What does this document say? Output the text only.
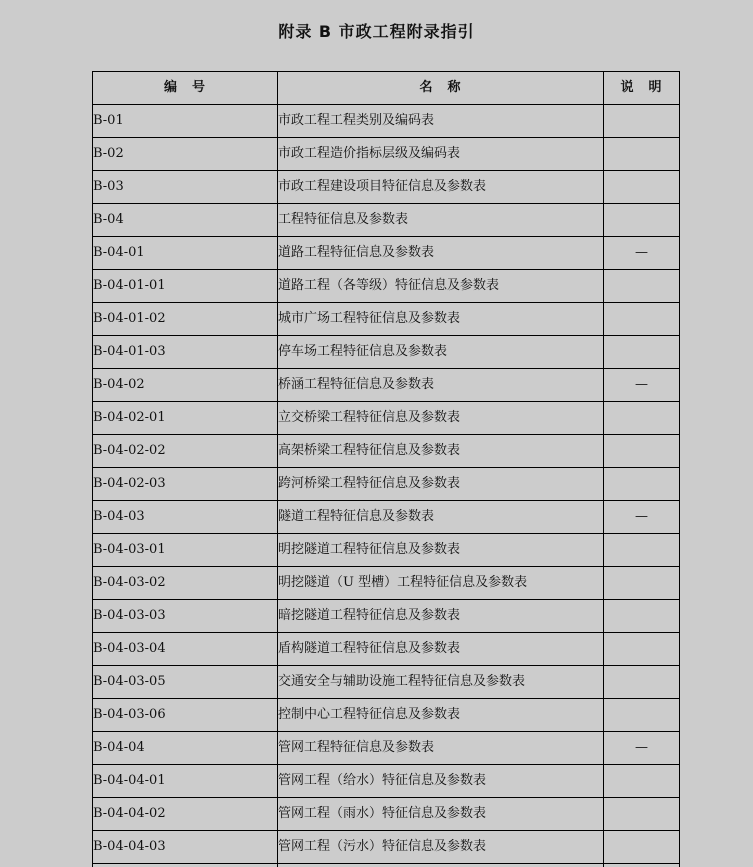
附录 B 市政工程附录指引
编　号	名　称	说　明
B-01	市政工程工程类别及编码表	
B-02	市政工程造价指标层级及编码表	
B-03	市政工程建设项目特征信息及参数表	
B-04	工程特征信息及参数表	
B-04-01	道路工程特征信息及参数表	—
B-04-01-01	道路工程（各等级）特征信息及参数表	
B-04-01-02	城市广场工程特征信息及参数表	
B-04-01-03	停车场工程特征信息及参数表	
B-04-02	桥涵工程特征信息及参数表	—
B-04-02-01	立交桥梁工程特征信息及参数表	
B-04-02-02	高架桥梁工程特征信息及参数表	
B-04-02-03	跨河桥梁工程特征信息及参数表	
B-04-03	隧道工程特征信息及参数表	—
B-04-03-01	明挖隧道工程特征信息及参数表	
B-04-03-02	明挖隧道（U 型槽）工程特征信息及参数表	
B-04-03-03	暗挖隧道工程特征信息及参数表	
B-04-03-04	盾构隧道工程特征信息及参数表	
B-04-03-05	交通安全与辅助设施工程特征信息及参数表	
B-04-03-06	控制中心工程特征信息及参数表	
B-04-04	管网工程特征信息及参数表	—
B-04-04-01	管网工程（给水）特征信息及参数表	
B-04-04-02	管网工程（雨水）特征信息及参数表	
B-04-04-03	管网工程（污水）特征信息及参数表	
